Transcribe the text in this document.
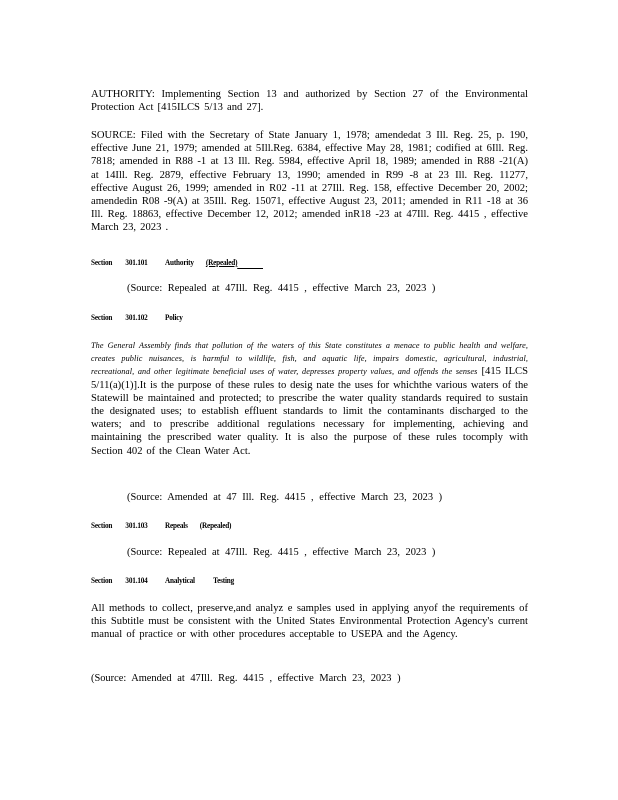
AUTHORITY: Implementing Section 13 and authorized by Section 27 of the Environmental Protection Act [415ILCS 5/13 and 27].
SOURCE: Filed with the Secretary of State January 1, 1978; amendedat 3 Ill. Reg. 25, p. 190, effective June 21, 1979; amended at 5Ill.Reg. 6384, effective May 28, 1981; codified at 6Ill. Reg. 7818; amended in R88 -1 at 13 Ill. Reg. 5984, effective April 18, 1989; amended in R88 -21(A) at 14Ill. Reg. 2879, effective February 13, 1990; amended in R99 -8 at 23 Ill. Reg. 11277, effective August 26, 1999; amended in R02 -11 at 27Ill. Reg. 158, effective December 20, 2002; amendedin R08 -9(A) at 35Ill. Reg. 15071, effective August 23, 2011; amended in R11 -18 at 36 Ill. Reg. 18863, effective December 12, 2012; amended inR18 -23 at 47Ill. Reg. 4415 , effective March 23, 2023 .
Section 301.101 Authority (Repealed)
(Source: Repealed at 47Ill. Reg. 4415 , effective March 23, 2023 )
Section 301.102 Policy
The General Assembly finds that pollution of the waters of this State constitutes a menace to public health and welfare, creates public nuisances, is harmful to wildlife, fish, and aquatic life, impairs domestic, agricultural, industrial, recreational, and other legitimate beneficial uses of water, depresses property values, and offends the senses [415 ILCS 5/11(a)(1)].It is the purpose of these rules to desig nate the uses for whichthe various waters of the Statewill be maintained and protected; to prescribe the water quality standards required to sustain the designated uses; to establish effluent standards to limit the contaminants discharged to the waters; and to prescribe additional regulations necessary for implementing, achieving and maintaining the prescribed water quality. It is also the purpose of these rules tocomply with Section 402 of the Clean Water Act.
(Source: Amended at 47 Ill. Reg. 4415 , effective March 23, 2023 )
Section 301.103 Repeals (Repealed)
(Source: Repealed at 47Ill. Reg. 4415 , effective March 23, 2023 )
Section 301.104 Analytical Testing
All methods to collect, preserve,and analyz e samples used in applying anyof the requirements of this Subtitle must be consistent with the United States Environmental Protection Agency's current manual of practice or with other procedures acceptable to USEPA and the Agency.
(Source: Amended at 47Ill. Reg. 4415 , effective March 23, 2023 )
